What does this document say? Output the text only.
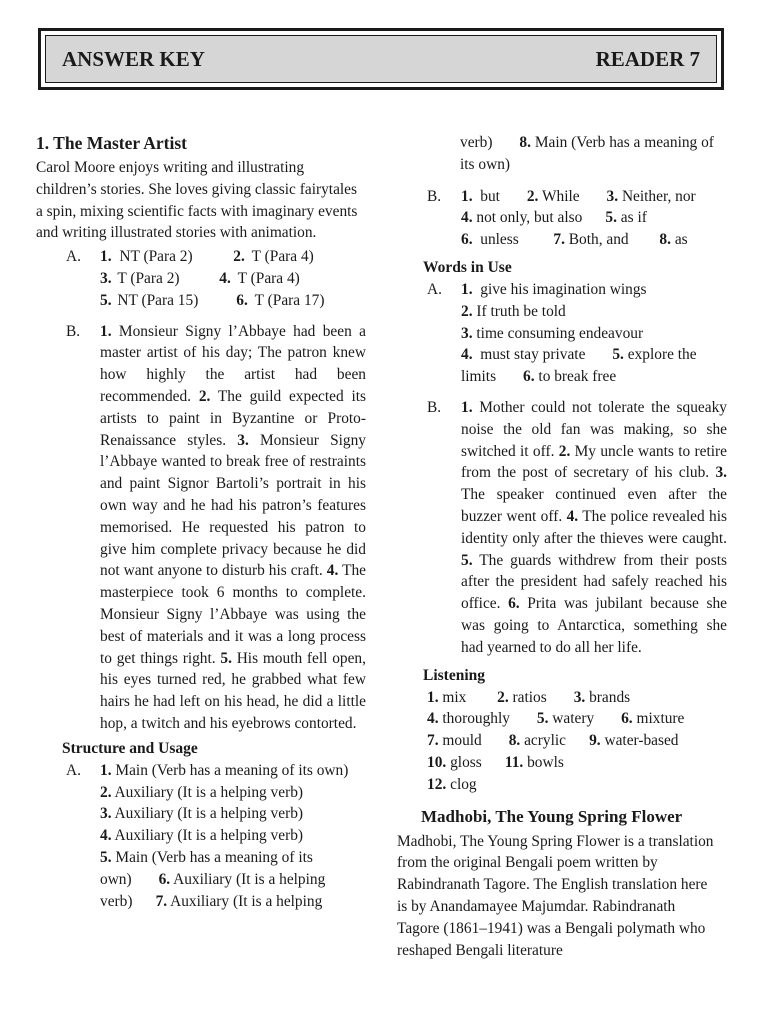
ANSWER KEY	READER 7
1. The Master Artist

Carol Moore enjoys writing and illustrating children’s stories. She loves giving classic fairytales a spin, mixing scientific facts with imaginary events and writing illustrated stories with animation.

A.	1. NT (Para 2)	2. T (Para 4)
3. T (Para 2)	4. T (Para 4)
5. NT (Para 15) 6. T (Para 17)
B.	1. Monsieur Signy l’Abbaye had been a master artist of his day; The patron knew how highly the artist had been recommended. 2. The guild expected its artists to paint in Byzantine or Proto-Renaissance styles. 3. Monsieur Signy l’Abbaye wanted to break free of restraints and paint Signor Bartoli’s portrait in his own way and he had his patron’s features memorised. He requested his patron to give him complete privacy because he did not want anyone to disturb his craft. 4. The masterpiece took 6 months to complete. Monsieur Signy l’Abbaye was using the best of materials and it was a long process to get things right. 5. His mouth fell open, his eyes turned red, he grabbed what few hairs he had left on his head, he did a little hop, a twitch and his eyebrows contorted.
Structure and Usage
A.	1. Main (Verb has a meaning of its own)
2. Auxiliary (It is a helping verb)
3. Auxiliary (It is a helping verb)
4. Auxiliary (It is a helping verb)
5. Main (Verb has a meaning of its own) 6. Auxiliary (It is a helping verb) 7. Auxiliary (It is a helping
verb) 8. Main (Verb has a meaning of its own)
B.	1. but 2. While 3. Neither, nor      4. not only, but also 5. as if
6. unless 7. Both, and 8. as
Words in Use
A.	1. give his imagination wings
2. If truth be told
3. time consuming endeavour
4. must stay private 5. explore the limits 6. to break free
B.	1. Mother could not tolerate the squeaky noise the old fan was making, so she switched it off. 2. My uncle wants to retire from the post of secretary of his club. 3. The speaker continued even after the buzzer went off. 4. The police revealed his identity only after the thieves were caught. 5. The guards withdrew from their posts after the president had safely reached his office. 6. Prita was jubilant because she was going to Antarctica, something she had yearned to do all her life.
Listening
1. mix 2. ratios 3. brands
4. thoroughly 5. watery 6. mixture
7. mould 8. acrylic 9. water-based       10. gloss 11. bowls
12. clog
Madhobi, The Young Spring Flower

Madhobi, The Young Spring Flower is a translation from the original Bengali poem written by Rabindranath Tagore. The English translation here is by Anandamayee Majumdar. Rabindranath Tagore (1861–1941) was a Bengali polymath who reshaped Bengali literature
